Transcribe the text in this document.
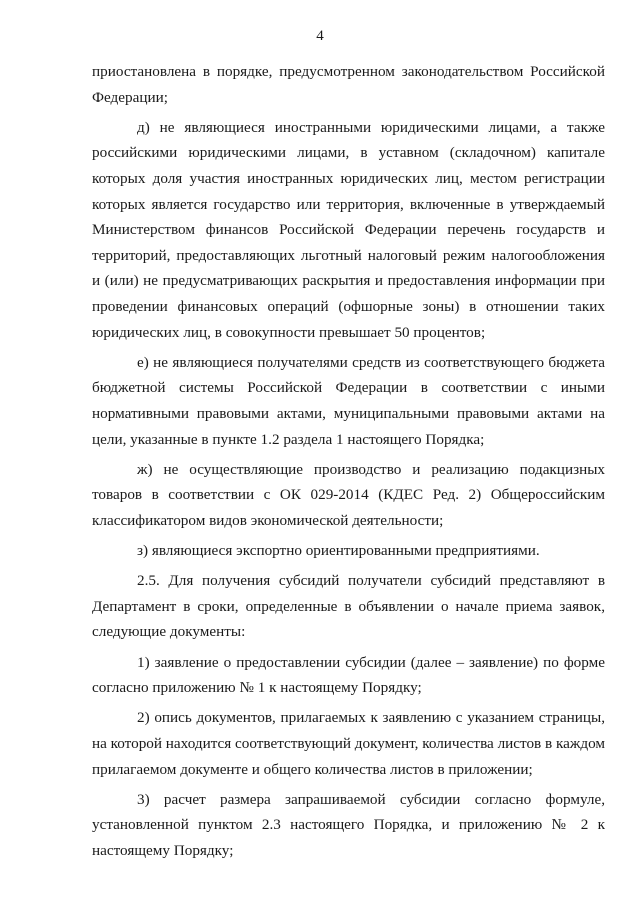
4

приостановлена в порядке, предусмотренном законодательством Российской Федерации;

д) не являющиеся иностранными юридическими лицами, а также российскими юридическими лицами, в уставном (складочном) капитале которых доля участия иностранных юридических лиц, местом регистрации которых является государство или территория, включенные в утверждаемый Министерством финансов Российской Федерации перечень государств и территорий, предоставляющих льготный налоговый режим налогообложения и (или) не предусматривающих раскрытия и предоставления информации при проведении финансовых операций (офшорные зоны) в отношении таких юридических лиц, в совокупности превышает 50 процентов;

е) не являющиеся получателями средств из соответствующего бюджета бюджетной системы Российской Федерации в соответствии с иными нормативными правовыми актами, муниципальными правовыми актами на цели, указанные в пункте 1.2 раздела 1 настоящего Порядка;

ж) не осуществляющие производство и реализацию подакцизных товаров в соответствии с ОК 029-2014 (КДЕС Ред. 2) Общероссийским классификатором видов экономической деятельности;

з) являющиеся экспортно ориентированными предприятиями.

2.5. Для получения субсидий получатели субсидий представляют в Департамент в сроки, определенные в объявлении о начале приема заявок, следующие документы:

1) заявление о предоставлении субсидии (далее – заявление) по форме согласно приложению № 1 к настоящему Порядку;

2) опись документов, прилагаемых к заявлению с указанием страницы, на которой находится соответствующий документ, количества листов в каждом прилагаемом документе и общего количества листов в приложении;

3) расчет размера запрашиваемой субсидии согласно формуле, установленной пунктом 2.3 настоящего Порядка, и приложению № 2 к настоящему Порядку;
